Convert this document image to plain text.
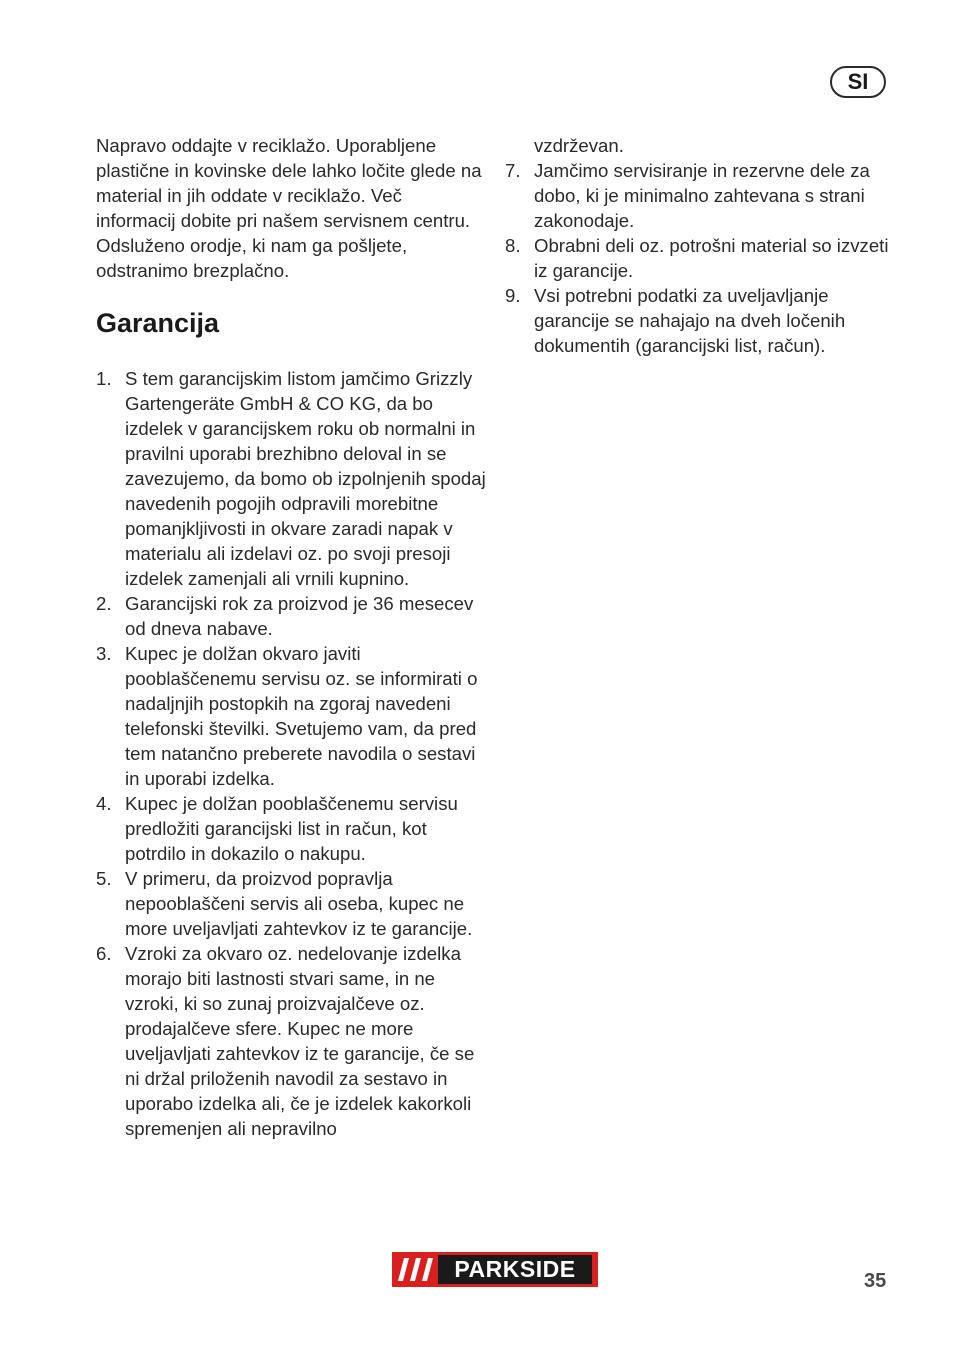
SI

Napravo oddajte v reciklažo. Uporabljene plastične in kovinske dele lahko ločite glede na material in jih oddate v reciklažo. Več informacij dobite pri našem servisnem centru.

Odsluženo orodje, ki nam ga pošljete, odstranimo brezplačno.

Garancija
1. S tem garancijskim listom jamčimo Grizzly Gartengeräte GmbH & CO KG, da bo izdelek v garancijskem roku ob normalni in pravilni uporabi brezhibno deloval in se zavezujemo, da bomo ob izpolnjenih spodaj navedenih pogojih odpravili morebitne pomanjkljivosti in okvare zaradi napak v materialu ali izdelavi oz. po svoji presoji izdelek zamenjali ali vrnili kupnino.
2. Garancijski rok za proizvod je 36 mesecev od dneva nabave.
3. Kupec je dolžan okvaro javiti pooblaščenemu servisu oz. se informirati o nadaljnjih postopkih na zgoraj navedeni telefonski številki. Svetujemo vam, da pred tem natančno preberete navodila o sestavi in uporabi izdelka.
4. Kupec je dolžan pooblaščenemu servisu predložiti garancijski list in račun, kot potrdilo in dokazilo o nakupu.
5. V primeru, da proizvod popravlja nepooblaščeni servis ali oseba, kupec ne more uveljavljati zahtevkov iz te garancije.
6. Vzroki za okvaro oz. nedelovanje izdelka morajo biti lastnosti stvari same, in ne vzroki, ki so zunaj proizvajalčeve oz. prodajalčeve sfere. Kupec ne more uveljavljati zahtevkov iz te garancije, če se ni držal priloženih navodil za sestavo in uporabo izdelka ali, če je izdelek kakorkoli spremenjen ali nepravilno
vzdrževan.
7. Jamčimo servisiranje in rezervne dele za dobo, ki je minimalno zahtevana s strani zakonodaje.
8. Obrabni deli oz. potrošni material so izvzeti iz garancije.
9. Vsi potrebni podatki za uveljavljanje garancije se nahajajo na dveh ločenih dokumentih (garancijski list, račun).
PARKSIDE	35
